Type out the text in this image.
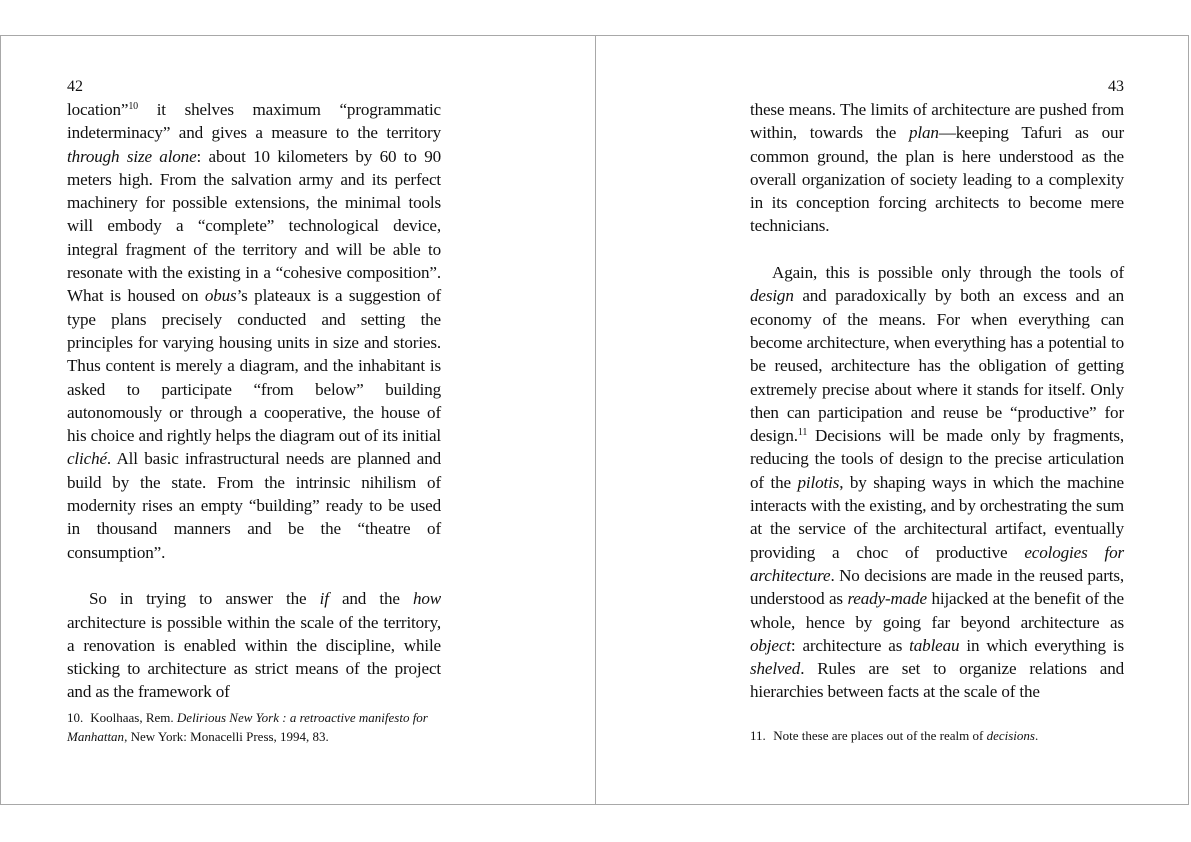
42	43

location”$^{10}$ it shelves maximum “programmatic indeterminacy” and gives a measure to the territory through size alone: about 10 kilometers by 60 to 90 meters high. From the salvation army and its perfect machinery for possible extensions, the minimal tools will embody a “complete” technological device, integral fragment of the territory and will be able to resonate with the existing in a “cohesive composition”. What is housed on obus’s plateaux is a suggestion of type plans precisely conducted and setting the principles for varying housing units in size and stories. Thus content is merely a diagram, and the inhabitant is asked to participate “from below” building autonomously or through a cooperative, the house of his choice and rightly helps the diagram out of its initial cliché. All basic infrastructural needs are planned and build by the state. From the intrinsic nihilism of modernity rises an empty “building” ready to be used in thousand manners and be the “theatre of consumption”.
So in trying to answer the if and the how architecture is possible within the scale of the territory, a renovation is enabled within the discipline, while sticking to architecture as strict means of the project and as the framework of

10. Koolhaas, Rem. Delirious New York : a retroactive manifesto for Manhattan, New York: Monacelli Press, 1994, 83.

these means. The limits of architecture are pushed from within, towards the plan—keeping Tafuri as our common ground, the plan is here understood as the overall organization of society leading to a complexity in its conception forcing architects to become mere technicians.
Again, this is possible only through the tools of design and paradoxically by both an excess and an economy of the means. For when everything can become architecture, when everything has a potential to be reused, architecture has the obligation of getting extremely precise about where it stands for itself. Only then can participation and reuse be “productive” for design.$^{11}$ Decisions will be made only by fragments, reducing the tools of design to the precise articulation of the pilotis, by shaping ways in which the machine interacts with the existing, and by orchestrating the sum at the service of the architectural artifact, eventually providing a choc of productive ecologies for architecture. No decisions are made in the reused parts, understood as ready-made hijacked at the benefit of the whole, hence by going far beyond architecture as object: architecture as tableau in which everything is shelved. Rules are set to organize relations and hierarchies between facts at the scale of the

11. Note these are places out of the realm of decisions.
